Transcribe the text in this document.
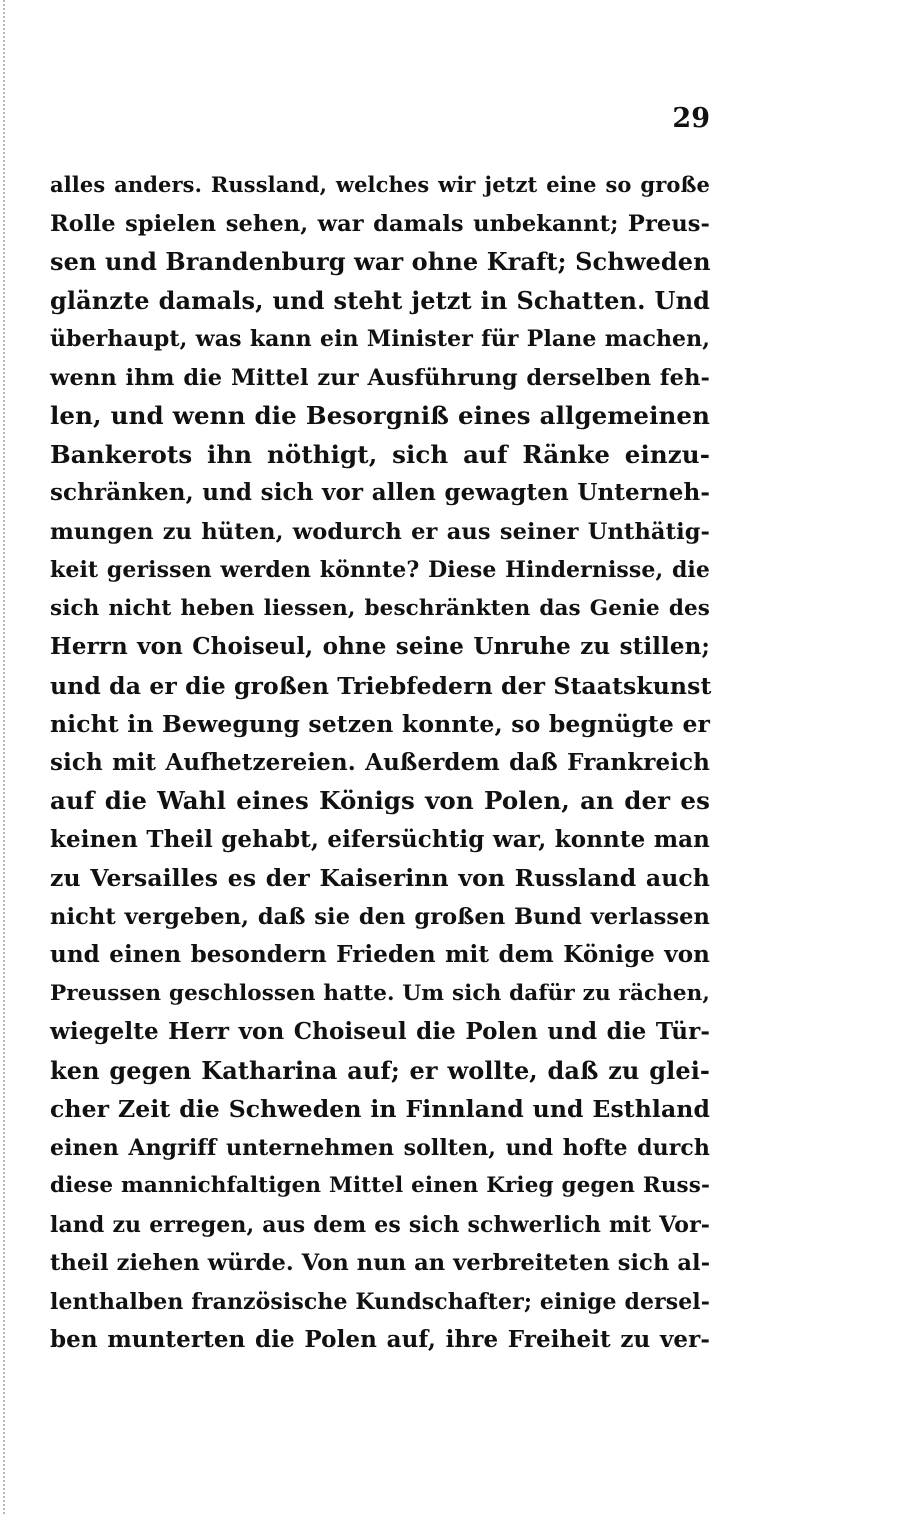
29
alles anders. Russland, welches wir jetzt eine so große
Rolle spielen sehen, war damals unbekannt; Preus-
sen und Brandenburg war ohne Kraft; Schweden
glänzte damals, und steht jetzt in Schatten. Und
überhaupt, was kann ein Minister für Plane machen,
wenn ihm die Mittel zur Ausführung derselben feh-
len, und wenn die Besorgniß eines allgemeinen
Bankerots ihn nöthigt, sich auf Ränke einzu-
schränken, und sich vor allen gewagten Unterneh-
mungen zu hüten, wodurch er aus seiner Unthätig-
keit gerissen werden könnte? Diese Hindernisse, die
sich nicht heben liessen, beschränkten das Genie des
Herrn von Choiseul, ohne seine Unruhe zu stillen;
und da er die großen Triebfedern der Staatskunst
nicht in Bewegung setzen konnte, so begnügte er
sich mit Aufhetzereien. Außerdem daß Frankreich
auf die Wahl eines Königs von Polen, an der es
keinen Theil gehabt, eifersüchtig war, konnte man
zu Versailles es der Kaiserinn von Russland auch
nicht vergeben, daß sie den großen Bund verlassen
und einen besondern Frieden mit dem Könige von
Preussen geschlossen hatte. Um sich dafür zu rächen,
wiegelte Herr von Choiseul die Polen und die Tür-
ken gegen Katharina auf; er wollte, daß zu glei-
cher Zeit die Schweden in Finnland und Esthland
einen Angriff unternehmen sollten, und hofte durch
diese mannichfaltigen Mittel einen Krieg gegen Russ-
land zu erregen, aus dem es sich schwerlich mit Vor-
theil ziehen würde. Von nun an verbreiteten sich al-
lenthalben französische Kundschafter; einige dersel-
ben munterten die Polen auf, ihre Freiheit zu ver-
